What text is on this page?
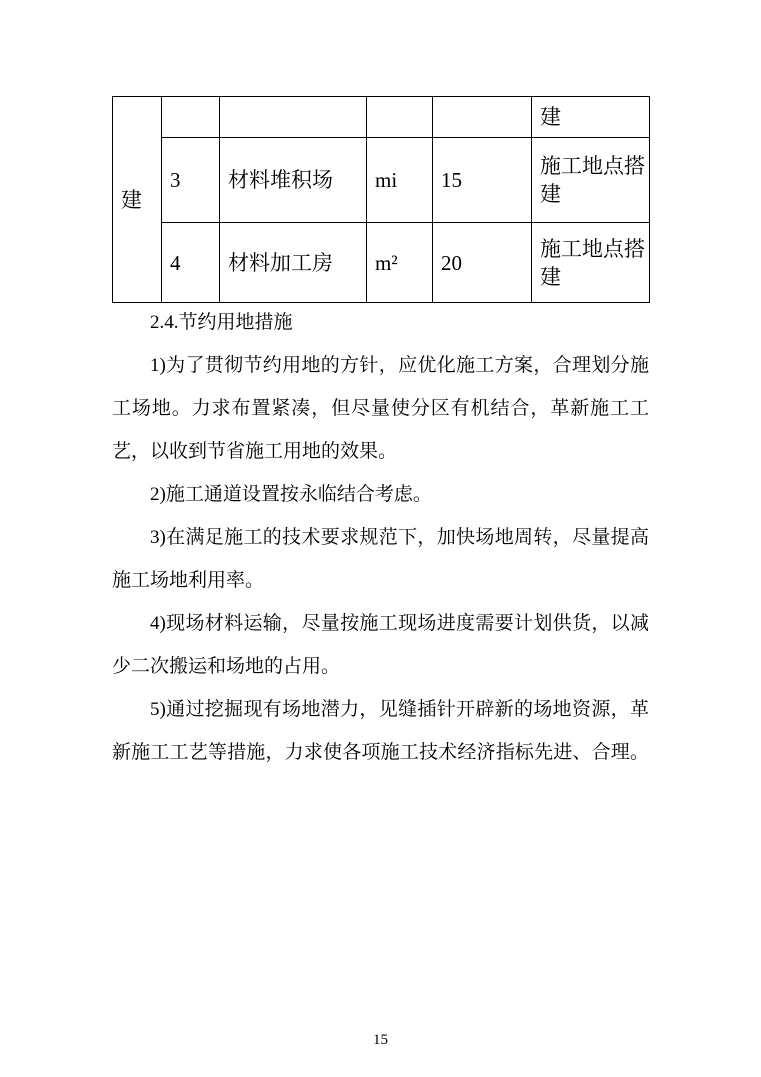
建					建
	3	材料堆积场	mi	15	施工地点搭建
	4	材料加工房	m²	20	施工地点搭建
2.4.节约用地措施
1)为了贯彻节约用地的方针，应优化施工方案，合理划分施
工场地。力求布置紧凑，但尽量使分区有机结合，革新施工工
艺，以收到节省施工用地的效果。
2)施工通道设置按永临结合考虑。
3)在满足施工的技术要求规范下，加快场地周转，尽量提高
施工场地利用率。
4)现场材料运输，尽量按施工现场进度需要计划供货，以减
少二次搬运和场地的占用。
5)通过挖掘现有场地潜力，见缝插针开辟新的场地资源，革
新施工工艺等措施，力求使各项施工技术经济指标先进、合理。
15
